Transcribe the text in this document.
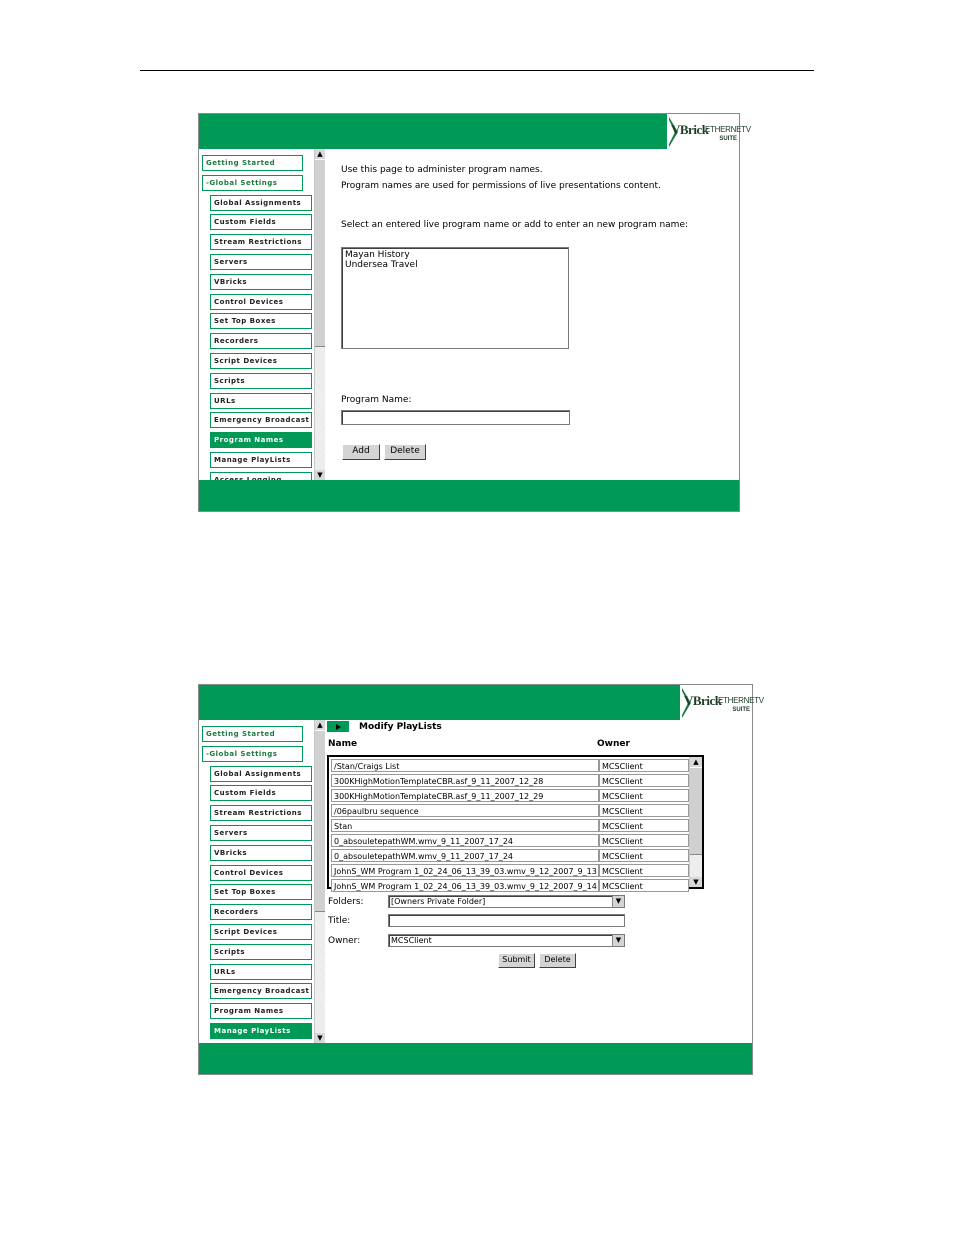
VBrick
ETHERNETV
SUITE
Getting Started
-Global Settings
Global Assignments
Custom Fields
Stream Restrictions
Servers
VBricks
Control Devices
Set Top Boxes
Recorders
Script Devices
Scripts
URLs
Emergency Broadcast
Program Names
Manage PlayLists
▲
▼
Use this page to administer program names.
Program names are used for permissions of live presentations content.
Select an entered live program name or add to enter an new program name:
Mayan History
Undersea Travel
Program Name:
Add	Delete
VBrick
ETHERNETV
SUITE
Getting Started
-Global Settings
Global Assignments
Custom Fields
Stream Restrictions
Servers
VBricks
Control Devices
Set Top Boxes
Recorders
Script Devices
Scripts
URLs
Emergency Broadcast
Program Names
Manage PlayLists
▲
▼
Modify PlayLists
Name	Owner
/Stan/Craigs List	MCSClient
300KHighMotionTemplateCBR.asf_9_11_2007_12_28	MCSClient
300KHighMotionTemplateCBR.asf_9_11_2007_12_29	MCSClient
/06paulbru sequence	MCSClient
Stan	MCSClient
0_absouletepathWM.wmv_9_11_2007_17_24	MCSClient
0_absouletepathWM.wmv_9_11_2007_17_24	MCSClient
JohnS_WM Program 1_02_24_06_13_39_03.wmv_9_12_2007_9_13 MCSClient
JohnS_WM Program 1_02_24_06_13_39_03.wmv_9_12_2007_9_14 MCSClient
▲
▼
Folders:	[Owners Private Folder]	▼
Title:
Owner:	MCSClient	▼
Submit	Delete
